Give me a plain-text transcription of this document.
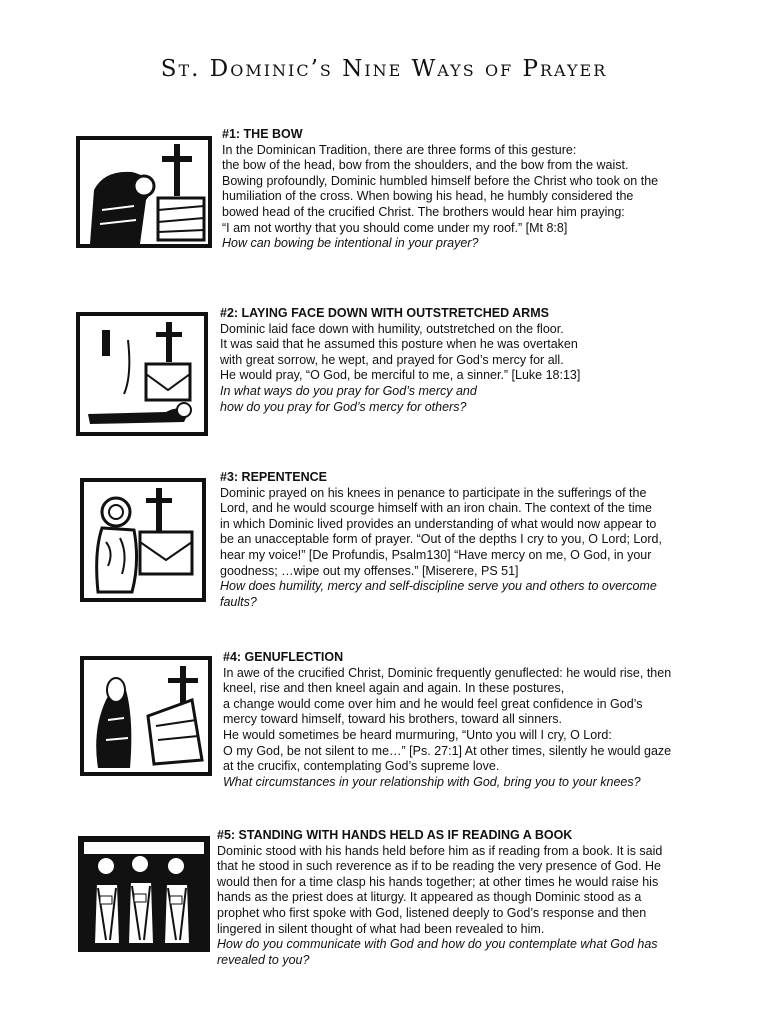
St. Dominic’s Nine Ways of Prayer
#1: THE BOW
In the Dominican Tradition, there are three forms of this gesture:
the bow of the head, bow from the shoulders, and the bow from the waist.
Bowing profoundly, Dominic humbled himself before the Christ who took on the
humiliation of the cross. When bowing his head, he humbly considered the
bowed head of the crucified Christ. The brothers would hear him praying:
“I am not worthy that you should come under my roof.” [Mt 8:8]
How can bowing be intentional in your prayer?
#2: LAYING FACE DOWN WITH OUTSTRETCHED ARMS
Dominic laid face down with humility, outstretched on the floor.
It was said that he assumed this posture when he was overtaken
with great sorrow, he wept, and prayed for God’s mercy for all.
He would pray, “O God, be merciful to me, a sinner.” [Luke 18:13]
In what ways do you pray for God’s mercy and
how do you pray for God’s mercy for others?
#3: REPENTENCE
Dominic prayed on his knees in penance to participate in the sufferings of the
Lord, and he would scourge himself with an iron chain. The context of the time
in which Dominic lived provides an understanding of what would now appear to
be an unacceptable form of prayer. “Out of the depths I cry to you, O Lord; Lord,
hear my voice!” [De Profundis, Psalm130] “Have mercy on me, O God, in your
goodness; …wipe out my offenses.” [Miserere, PS 51]
How does humility, mercy and self-discipline serve you and others to overcome
faults?
#4: GENUFLECTION
In awe of the crucified Christ, Dominic frequently genuflected: he would rise, then
kneel, rise and then kneel again and again. In these postures,
a change would come over him and he would feel great confidence in God’s
mercy toward himself, toward his brothers, toward all sinners.
He would sometimes be heard murmuring, “Unto you will I cry, O Lord:
O my God, be not silent to me…” [Ps. 27:1] At other times, silently he would gaze
at the crucifix, contemplating God’s supreme love.
What circumstances in your relationship with God, bring you to your knees?
#5: STANDING WITH HANDS HELD AS IF READING A BOOK
Dominic stood with his hands held before him as if reading from a book. It is said
that he stood in such reverence as if to be reading the very presence of God. He
would then for a time clasp his hands together; at other times he would raise his
hands as the priest does at liturgy. It appeared as though Dominic stood as a
prophet who first spoke with God, listened deeply to God’s response and then
lingered in silent thought of what had been revealed to him.
How do you communicate with God and how do you contemplate what God has
revealed to you?
